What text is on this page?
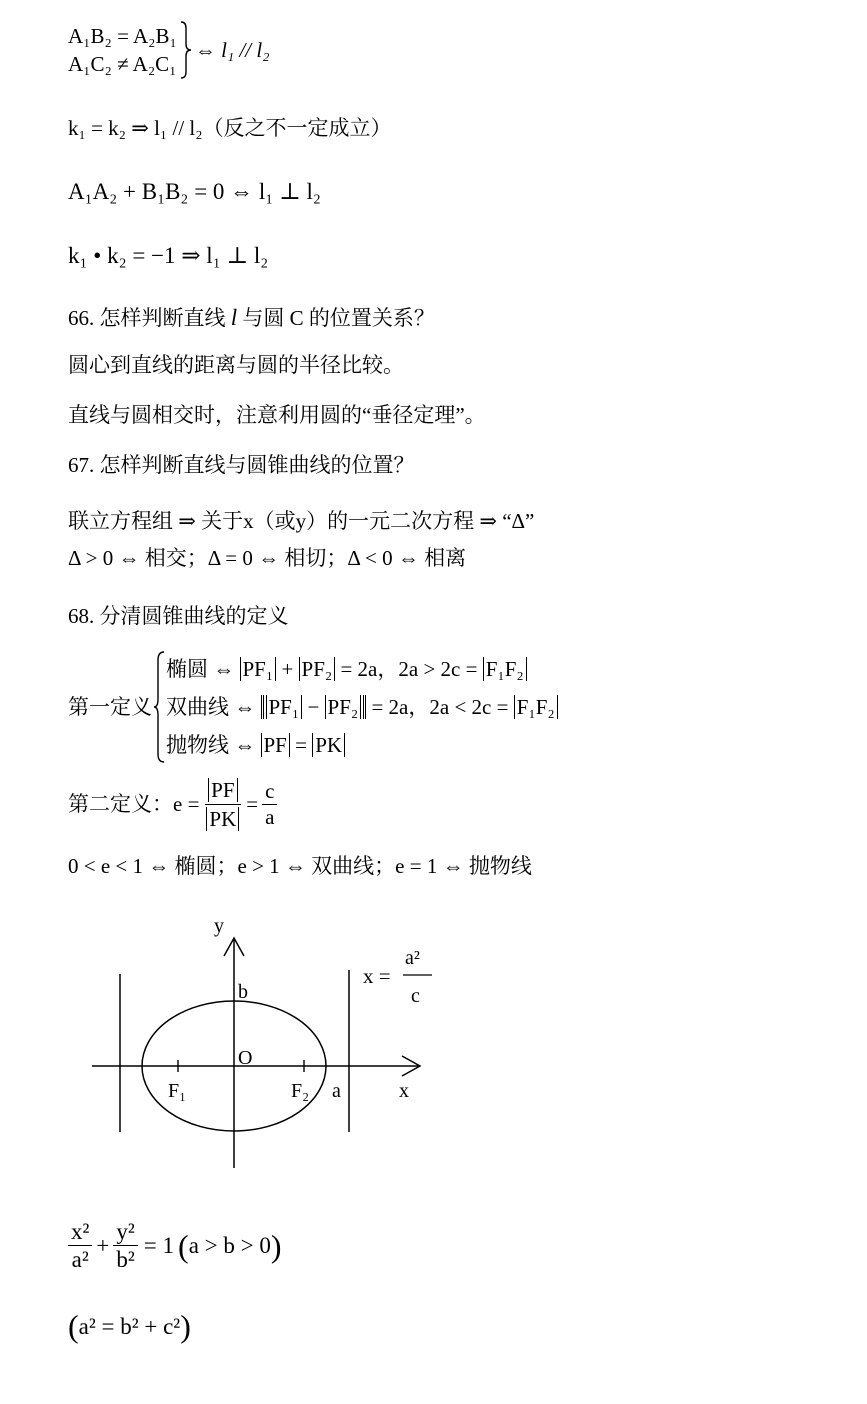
A₁B₂ = A₂B₁
A₁C₂ ≠ A₂C₁
⇔ l₁ // l₂
k₁ = k₂ ⇒ l₁ // l₂（反之不一定成立）
A₁A₂ + B₁B₂ = 0 ⇔ l₁ ⊥ l₂
k₁ • k₂ = −1 ⇒ l₁ ⊥ l₂
66. 怎样判断直线 l 与圆 C 的位置关系？
圆心到直线的距离与圆的半径比较。
直线与圆相交时，注意利用圆的“垂径定理”。
67. 怎样判断直线与圆锥曲线的位置？
联立方程组 ⇒ 关于x（或y）的一元二次方程 ⇒ “Δ”
Δ > 0 ⇔ 相交；Δ = 0 ⇔ 相切；Δ < 0 ⇔ 相离
68. 分清圆锥曲线的定义
第一定义
椭圆 ⇔ PF₁ + PF₂ = 2a，2a > 2c = F₁F₂
双曲线 ⇔ PF₁ − PF₂ = 2a，2a < 2c = F₁F₂
抛物线 ⇔ PF = PK
第二定义：$e = \frac{PF}{PK} = \frac{c}{a}$
0 < e < 1 ⇔ 椭圆；e > 1 ⇔ 双曲线；e = 1 ⇔ 抛物线
y
b
O
F₁	F₂ a	x
x =
a²
c
$\frac{\text{x²}}{\text{a²}} + \frac{\text{y²}}{\text{b²}} = 1$ ( a > b > 0 )
(a² = b² + c²)
